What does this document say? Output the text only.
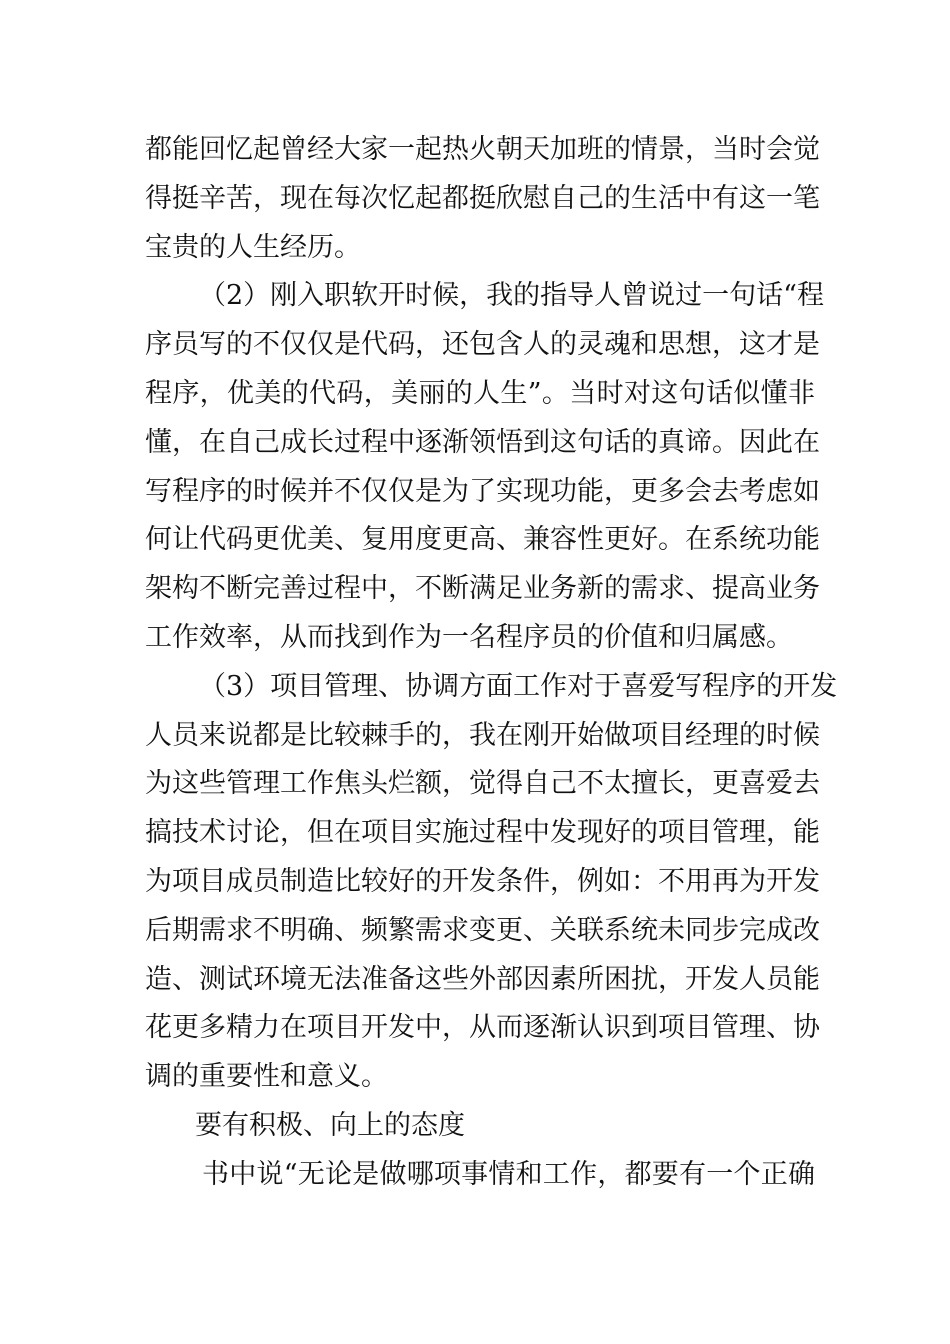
都能回忆起曾经大家一起热火朝天加班的情景，当时会觉
得挺辛苦，现在每次忆起都挺欣慰自己的生活中有这一笔
宝贵的人生经历。
（2）刚入职软开时候，我的指导人曾说过一句话“程
序员写的不仅仅是代码，还包含人的灵魂和思想，这才是
程序，优美的代码，美丽的人生”。当时对这句话似懂非
懂，在自己成长过程中逐渐领悟到这句话的真谛。因此在
写程序的时候并不仅仅是为了实现功能，更多会去考虑如
何让代码更优美、复用度更高、兼容性更好。在系统功能
架构不断完善过程中，不断满足业务新的需求、提高业务
工作效率，从而找到作为一名程序员的价值和归属感。
（3）项目管理、协调方面工作对于喜爱写程序的开发
人员来说都是比较棘手的，我在刚开始做项目经理的时候
为这些管理工作焦头烂额，觉得自己不太擅长，更喜爱去
搞技术讨论，但在项目实施过程中发现好的项目管理，能
为项目成员制造比较好的开发条件，例如：不用再为开发
后期需求不明确、频繁需求变更、关联系统未同步完成改
造、测试环境无法准备这些外部因素所困扰，开发人员能
花更多精力在项目开发中，从而逐渐认识到项目管理、协
调的重要性和意义。
要有积极、向上的态度
书中说“无论是做哪项事情和工作，都要有一个正确
